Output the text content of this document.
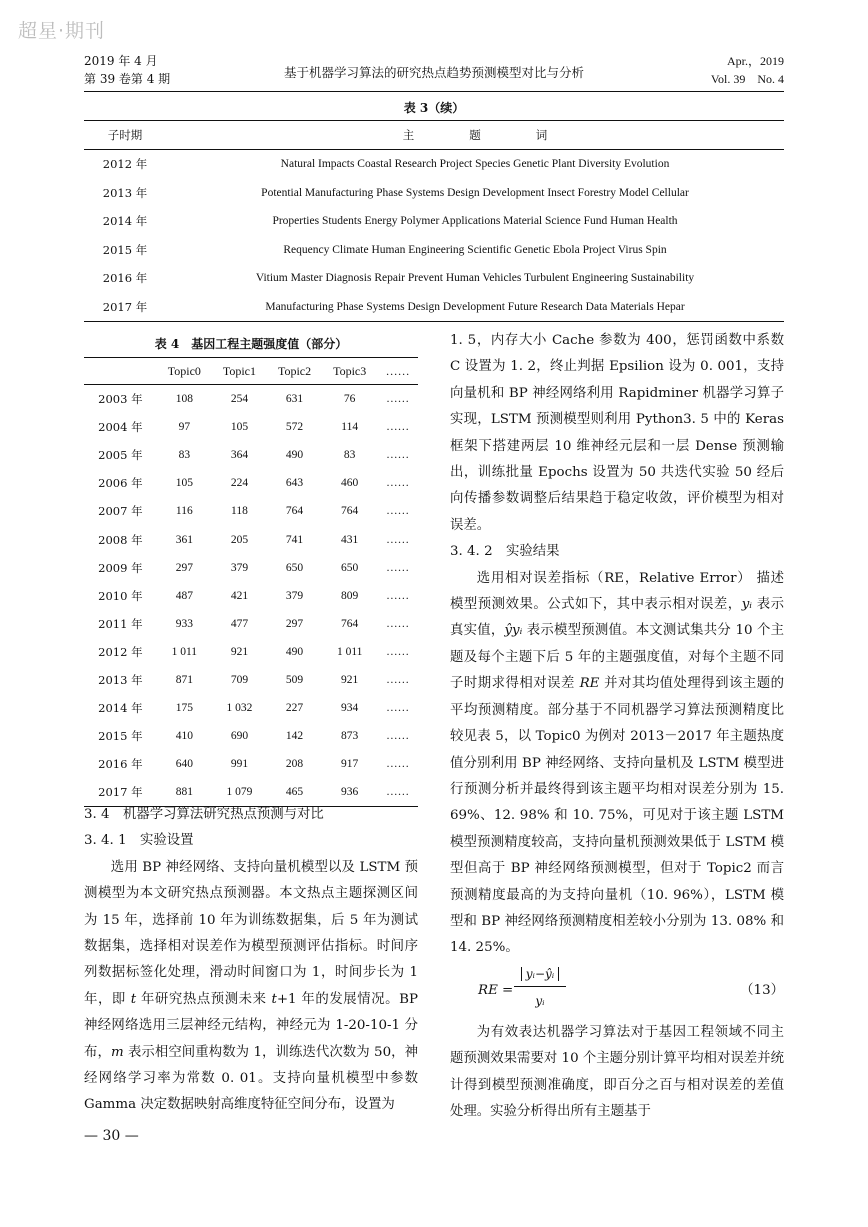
超星·期刊
2019 年 4 月
第 39 卷第 4 期	基于机器学习算法的研究热点趋势预测模型对比与分析
Apr.，2019
Vol. 39　No. 4
表 3（续）
子时期	主题词
2012 年	Natural Impacts Coastal Research Project Species Genetic Plant Diversity Evolution
2013 年	Potential Manufacturing Phase Systems Design Development Insect Forestry Model Cellular
2014 年	Properties Students Energy Polymer Applications Material Science Fund Human Health
2015 年	Requency Climate Human Engineering Scientific Genetic Ebola Project Virus Spin
2016 年	Vitium Master Diagnosis Repair Prevent Human Vehicles Turbulent Engineering Sustainability
2017 年	Manufacturing Phase Systems Design Development Future Research Data Materials Hepar
表 4　基因工程主题强度值（部分）
	Topic0	Topic1	Topic2	Topic3	……
2003 年	108	254	631	76	……
2004 年	97	105	572	114	……
2005 年	83	364	490	83	……
2006 年	105	224	643	460	……
2007 年	116	118	764	764	……
2008 年	361	205	741	431	……
2009 年	297	379	650	650	……
2010 年	487	421	379	809	……
2011 年	933	477	297	764	……
2012 年	1 011	921	490	1 011	……
2013 年	871	709	509	921	……
2014 年	175	1 032	227	934	……
2015 年	410	690	142	873	……
2016 年	640	991	208	917	……
2017 年	881	1 079	465	936	……

3. 4　机器学习算法研究热点预测与对比

3. 4. 1　实验设置

选用 BP 神经网络、支持向量机模型以及 LSTM 预测模型为本文研究热点预测器。本文热点主题探测区间为 15 年，选择前 10 年为训练数据集，后 5 年为测试数据集，选择相对误差作为模型预测评估指标。时间序列数据标签化处理，滑动时间窗口为 1，时间步长为 1 年，即 t 年研究热点预测未来 t+1 年的发展情况。BP 神经网络选用三层神经元结构，神经元为 1-20-10-1 分布，m 表示相空间重构数为 1，训练迭代次数为 50，神经网络学习率为常数 0. 01。支持向量机模型中参数 Gamma 决定数据映射高维度特征空间分布，设置为

1. 5，内存大小 Cache 参数为 400，惩罚函数中系数 C 设置为 1. 2，终止判据 Epsilion 设为 0. 001，支持向量机和 BP 神经网络利用 Rapidminer 机器学习算子实现，LSTM 预测模型则利用 Python3. 5 中的 Keras 框架下搭建两层 10 维神经元层和一层 Dense 预测输出，训练批量 Epochs 设置为 50 共迭代实验 50 经后向传播参数调整后结果趋于稳定收敛，评价模型为相对误差。

3. 4. 2　实验结果

选用相对误差指标（RE，Relative Error） 描述模型预测效果。公式如下，其中表示相对误差，yᵢ 表示真实值，ŷyᵢ 表示模型预测值。本文测试集共分 10 个主题及每个主题下后 5 年的主题强度值，对每个主题不同子时期求得相对误差 RE 并对其均值处理得到该主题的平均预测精度。部分基于不同机器学习算法预测精度比较见表 5，以 Topic0 为例对 2013－2017 年主题热度值分别利用 BP 神经网络、支持向量机及 LSTM 模型进行预测分析并最终得到该主题平均相对误差分别为 15. 69%、12. 98% 和 10. 75%，可见对于该主题 LSTM 模型预测精度较高，支持向量机预测效果低于 LSTM 模型但高于 BP 神经网络预测模型，但对于 Topic2 而言预测精度最高的为支持向量机（10. 96%），LSTM 模型和 BP 神经网络预测精度相差较小分别为 13. 08% 和 14. 25%。

RE =
yᵢ−ŷᵢ
yᵢ
（13）

为有效表达机器学习算法对于基因工程领域不同主题预测效果需要对 10 个主题分别计算平均相对误差并统计得到模型预测准确度，即百分之百与相对误差的差值处理。实验分析得出所有主题基于

— 30 —
